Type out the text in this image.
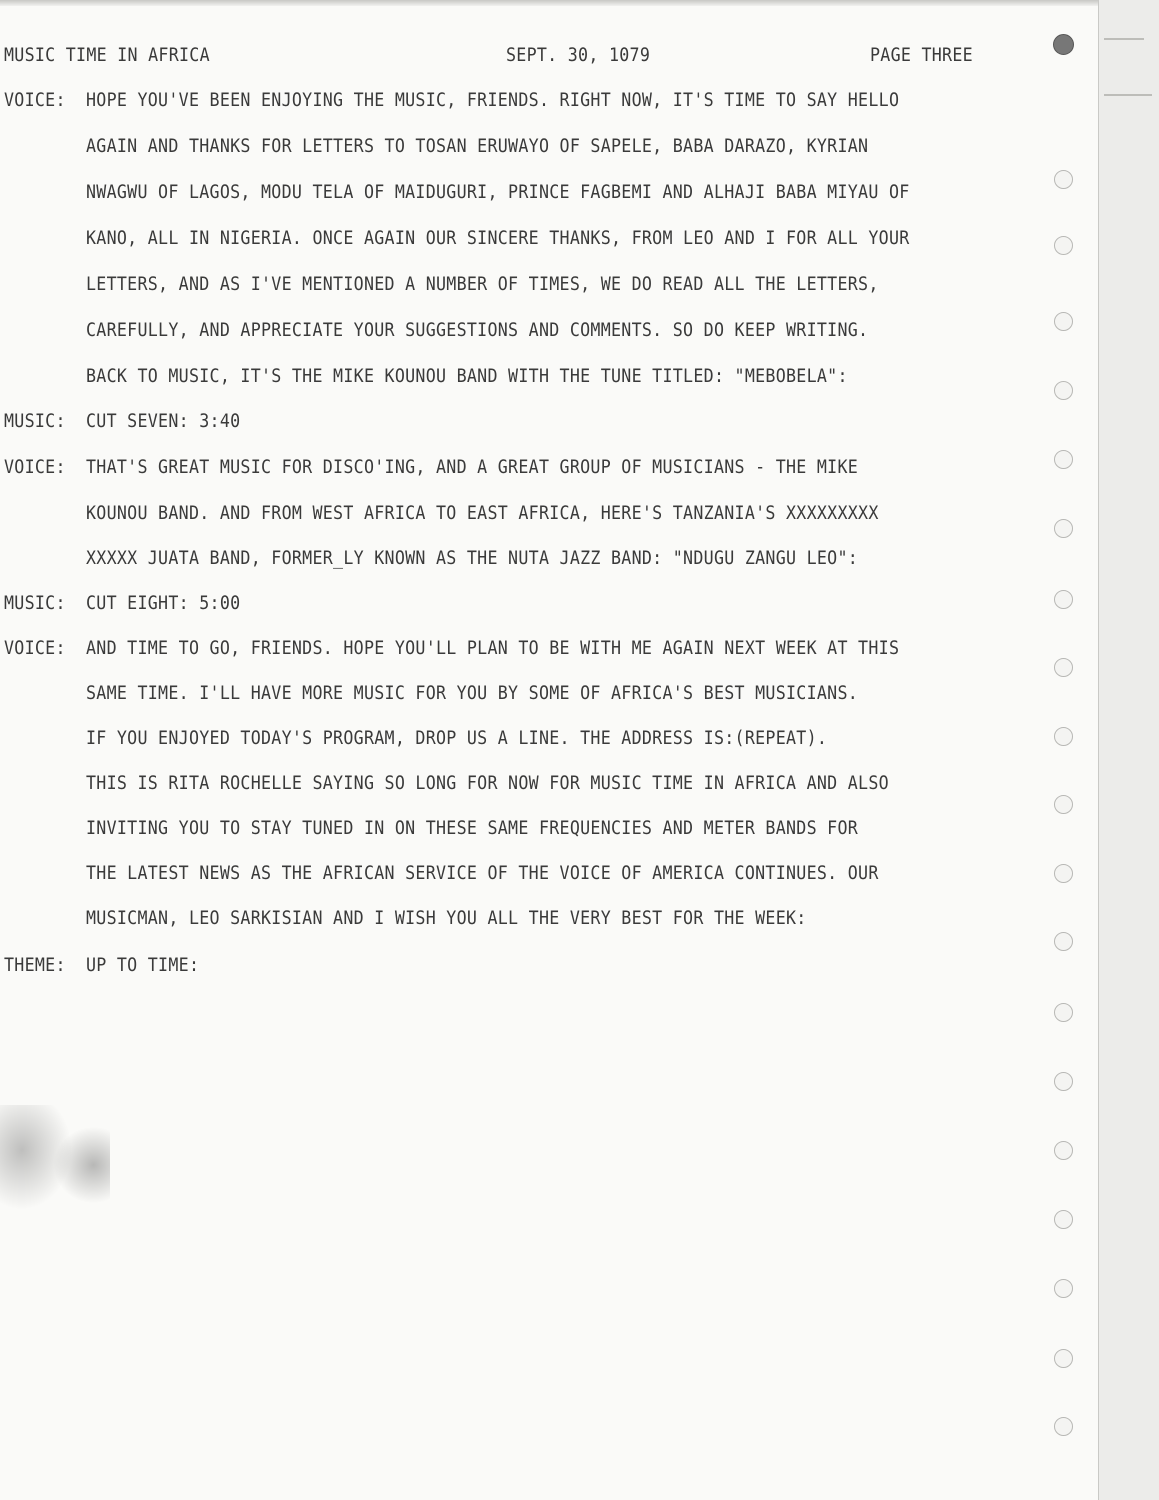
MUSIC TIME IN AFRICA	SEPT. 30, 1079	PAGE THREE
VOICE: HOPE YOU'VE BEEN ENJOYING THE MUSIC, FRIENDS. RIGHT NOW, IT'S TIME TO SAY HELLO
AGAIN AND THANKS FOR LETTERS TO TOSAN ERUWAYO OF SAPELE, BABA DARAZO, KYRIAN
NWAGWU OF LAGOS, MODU TELA OF MAIDUGURI, PRINCE FAGBEMI AND ALHAJI BABA MIYAU OF
KANO, ALL IN NIGERIA. ONCE AGAIN OUR SINCERE THANKS, FROM LEO AND I FOR ALL YOUR
LETTERS, AND AS I'VE MENTIONED A NUMBER OF TIMES, WE DO READ ALL THE LETTERS,
CAREFULLY, AND APPRECIATE YOUR SUGGESTIONS AND COMMENTS. SO DO KEEP WRITING.
BACK TO MUSIC, IT'S THE MIKE KOUNOU BAND WITH THE TUNE TITLED: "MEBOBELA":
MUSIC: CUT SEVEN: 3:40
VOICE: THAT'S GREAT MUSIC FOR DISCO'ING, AND A GREAT GROUP OF MUSICIANS - THE MIKE
KOUNOU BAND. AND FROM WEST AFRICA TO EAST AFRICA, HERE'S TANZANIA'S XXXXXXXXX
XXXXX JUATA BAND, FORMER_LY KNOWN AS THE NUTA JAZZ BAND: "NDUGU ZANGU LEO":
MUSIC: CUT EIGHT: 5:00
VOICE: AND TIME TO GO, FRIENDS. HOPE YOU'LL PLAN TO BE WITH ME AGAIN NEXT WEEK AT THIS
SAME TIME. I'LL HAVE MORE MUSIC FOR YOU BY SOME OF AFRICA'S BEST MUSICIANS.
IF YOU ENJOYED TODAY'S PROGRAM, DROP US A LINE. THE ADDRESS IS:(REPEAT).
THIS IS RITA ROCHELLE SAYING SO LONG FOR NOW FOR MUSIC TIME IN AFRICA AND ALSO
INVITING YOU TO STAY TUNED IN ON THESE SAME FREQUENCIES AND METER BANDS FOR
THE LATEST NEWS AS THE AFRICAN SERVICE OF THE VOICE OF AMERICA CONTINUES. OUR
MUSICMAN, LEO SARKISIAN AND I WISH YOU ALL THE VERY BEST FOR THE WEEK:
THEME: UP TO TIME:
